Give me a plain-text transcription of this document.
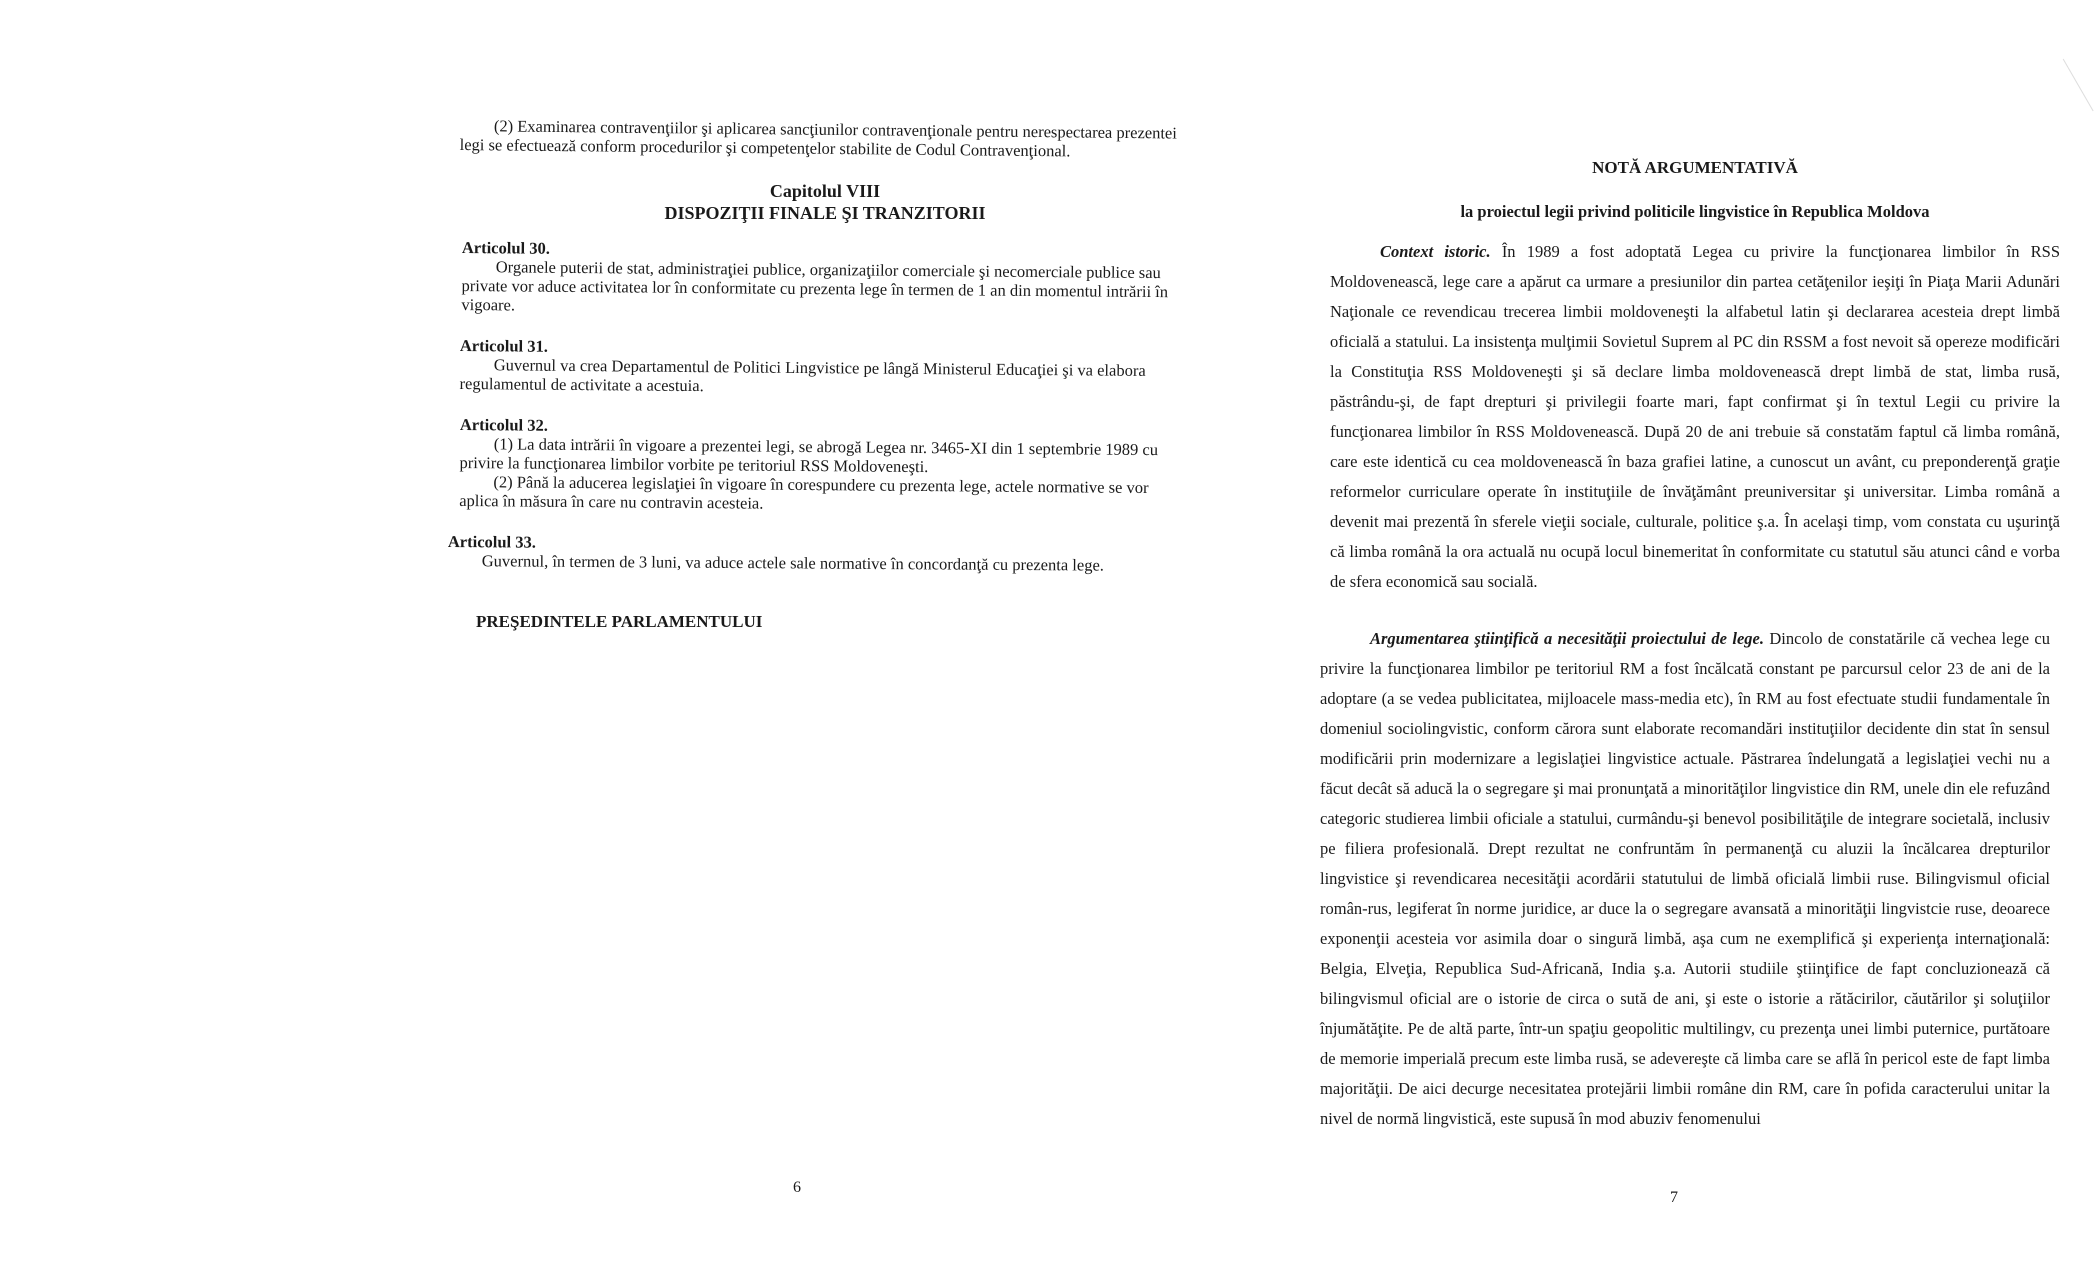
(2) Examinarea contravenţiilor şi aplicarea sancţiunilor contravenţionale pentru nerespectarea prezentei legi se efectuează conform procedurilor şi competenţelor stabilite de Codul Contravenţional.

Capitolul VIII

DISPOZIŢII FINALE ŞI TRANZITORII

Articolul 30.

Organele puterii de stat, administraţiei publice, organizaţiilor comerciale şi necomerciale publice sau private vor aduce activitatea lor în conformitate cu prezenta lege în termen de 1 an din momentul intrării în vigoare.

Articolul 31.

Guvernul va crea Departamentul de Politici Lingvistice pe lângă Ministerul Educaţiei şi va elabora regulamentul de activitate a acestuia.

Articolul 32.

(1) La data intrării în vigoare a prezentei legi, se abrogă Legea nr. 3465-XI din 1 septembrie 1989 cu privire la funcţionarea limbilor vorbite pe teritoriul RSS Moldoveneşti.

(2) Până la aducerea legislaţiei în vigoare în corespundere cu prezenta lege, actele normative se vor aplica în măsura în care nu contravin acesteia.

Articolul 33.

Guvernul, în termen de 3 luni, va aduce actele sale normative în concordanţă cu prezenta lege.

PREŞEDINTELE PARLAMENTULUI
6
NOTĂ ARGUMENTATIVĂ
la proiectul legii privind politicile lingvistice în Republica Moldova

Context istoric. În 1989 a fost adoptată Legea cu privire la funcţionarea limbilor în RSS Moldovenească, lege care a apărut ca urmare a presiunilor din partea cetăţenilor ieşiţi în Piaţa Marii Adunări Naţionale ce revendicau trecerea limbii moldoveneşti la alfabetul latin şi declararea acesteia drept limbă oficială a statului. La insistenţa mulţimii Sovietul Suprem al PC din RSSM a fost nevoit să opereze modificări la Constituţia RSS Moldoveneşti şi să declare limba moldovenească drept limbă de stat, limba rusă, păstrându-şi, de fapt drepturi şi privilegii foarte mari, fapt confirmat şi în textul Legii cu privire la funcţionarea limbilor în RSS Moldovenească. După 20 de ani trebuie să constatăm faptul că limba română, care este identică cu cea moldovenească în baza grafiei latine, a cunoscut un avânt, cu preponderenţă graţie reformelor curriculare operate în instituţiile de învăţământ preuniversitar şi universitar. Limba română a devenit mai prezentă în sferele vieţii sociale, culturale, politice ş.a. În acelaşi timp, vom constata cu uşurinţă că limba română la ora actuală nu ocupă locul binemeritat în conformitate cu statutul său atunci când e vorba de sfera economică sau socială.

Argumentarea ştiinţifică a necesităţii proiectului de lege. Dincolo de constatările că vechea lege cu privire la funcţionarea limbilor pe teritoriul RM a fost încălcată constant pe parcursul celor 23 de ani de la adoptare (a se vedea publicitatea, mijloacele mass-media etc), în RM au fost efectuate studii fundamentale în domeniul sociolingvistic, conform cărora sunt elaborate recomandări instituţiilor decidente din stat în sensul modificării prin modernizare a legislaţiei lingvistice actuale. Păstrarea îndelungată a legislaţiei vechi nu a făcut decât să aducă la o segregare şi mai pronunţată a minorităţilor lingvistice din RM, unele din ele refuzând categoric studierea limbii oficiale a statului, curmându-şi benevol posibilităţile de integrare societală, inclusiv pe filiera profesională. Drept rezultat ne confruntăm în permanenţă cu aluzii la încălcarea drepturilor lingvistice şi revendicarea necesităţii acordării statutului de limbă oficială limbii ruse. Bilingvismul oficial român-rus, legiferat în norme juridice, ar duce la o segregare avansată a minorităţii lingvistcie ruse, deoarece exponenţii acesteia vor asimila doar o singură limbă, aşa cum ne exemplifică şi experienţa internaţională: Belgia, Elveţia, Republica Sud-Africană, India ş.a. Autorii studiile ştiinţifice de fapt concluzionează că bilingvismul oficial are o istorie de circa o sută de ani, şi este o istorie a rătăcirilor, căutărilor şi soluţiilor înjumătăţite. Pe de altă parte, într-un spaţiu geopolitic multilingv, cu prezenţa unei limbi puternice, purtătoare de memorie imperială precum este limba rusă, se adevereşte că limba care se află în pericol este de fapt limba majorităţii. De aici decurge necesitatea protejării limbii române din RM, care în pofida caracterului unitar la nivel de normă lingvistică, este supusă în mod abuziv fenomenului

7
